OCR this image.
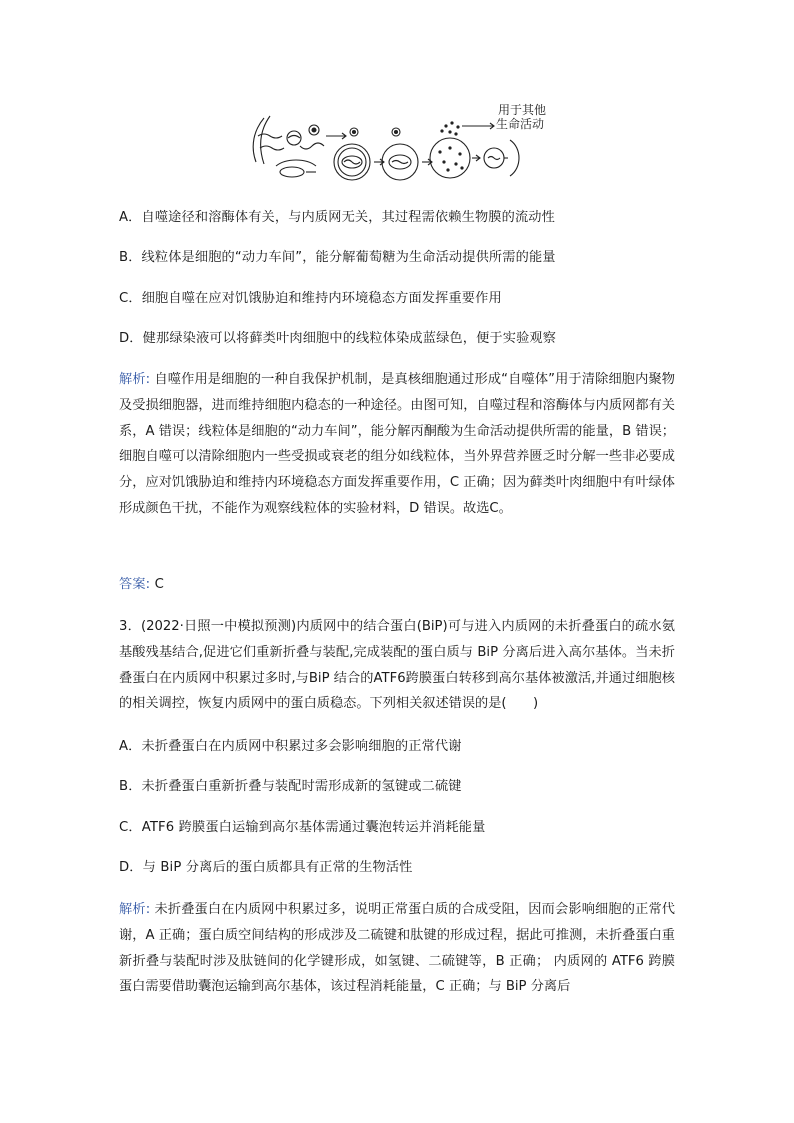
用于其他
生命活动
A．自噬途径和溶酶体有关，与内质网无关，其过程需依赖生物膜的流动性
B．线粒体是细胞的“动力车间”，能分解葡萄糖为生命活动提供所需的能量
C．细胞自噬在应对饥饿胁迫和维持内环境稳态方面发挥重要作用
D．健那绿染液可以将藓类叶肉细胞中的线粒体染成蓝绿色，便于实验观察
解析: 自噬作用是细胞的一种自我保护机制，是真核细胞通过形成“自噬体”用于清除细胞内聚物及受损细胞器，进而维持细胞内稳态的一种途径。由图可知，自噬过程和溶酶体与内质网都有关系，A 错误；线粒体是细胞的“动力车间”，能分解丙酮酸为生命活动提供所需的能量，B 错误；细胞自噬可以清除细胞内一些受损或衰老的组分如线粒体，当外界营养匮乏时分解一些非必要成分，应对饥饿胁迫和维持内环境稳态方面发挥重要作用，C 正确；因为藓类叶肉细胞中有叶绿体形成颜色干扰，不能作为观察线粒体的实验材料，D 错误。故选C。
答案: C
3．(2022·日照一中模拟预测)内质网中的结合蛋白(BiP)可与进入内质网的未折叠蛋白的疏水氨基酸残基结合,促进它们重新折叠与装配,完成装配的蛋白质与 BiP 分离后进入高尔基体。当未折叠蛋白在内质网中积累过多时,与BiP 结合的ATF6跨膜蛋白转移到高尔基体被激活,并通过细胞核的相关调控，恢复内质网中的蛋白质稳态。下列相关叙述错误的是(　　)
A．未折叠蛋白在内质网中积累过多会影响细胞的正常代谢
B．未折叠蛋白重新折叠与装配时需形成新的氢键或二硫键
C．ATF6 跨膜蛋白运输到高尔基体需通过囊泡转运并消耗能量
D．与 BiP 分离后的蛋白质都具有正常的生物活性
解析: 未折叠蛋白在内质网中积累过多，说明正常蛋白质的合成受阻，因而会影响细胞的正常代谢，A 正确；蛋白质空间结构的形成涉及二硫键和肽键的形成过程，据此可推测，未折叠蛋白重新折叠与装配时涉及肽链间的化学键形成，如氢键、二硫键等，B 正确； 内质网的 ATF6 跨膜蛋白需要借助囊泡运输到高尔基体，该过程消耗能量，C 正确；与 BiP 分离后
